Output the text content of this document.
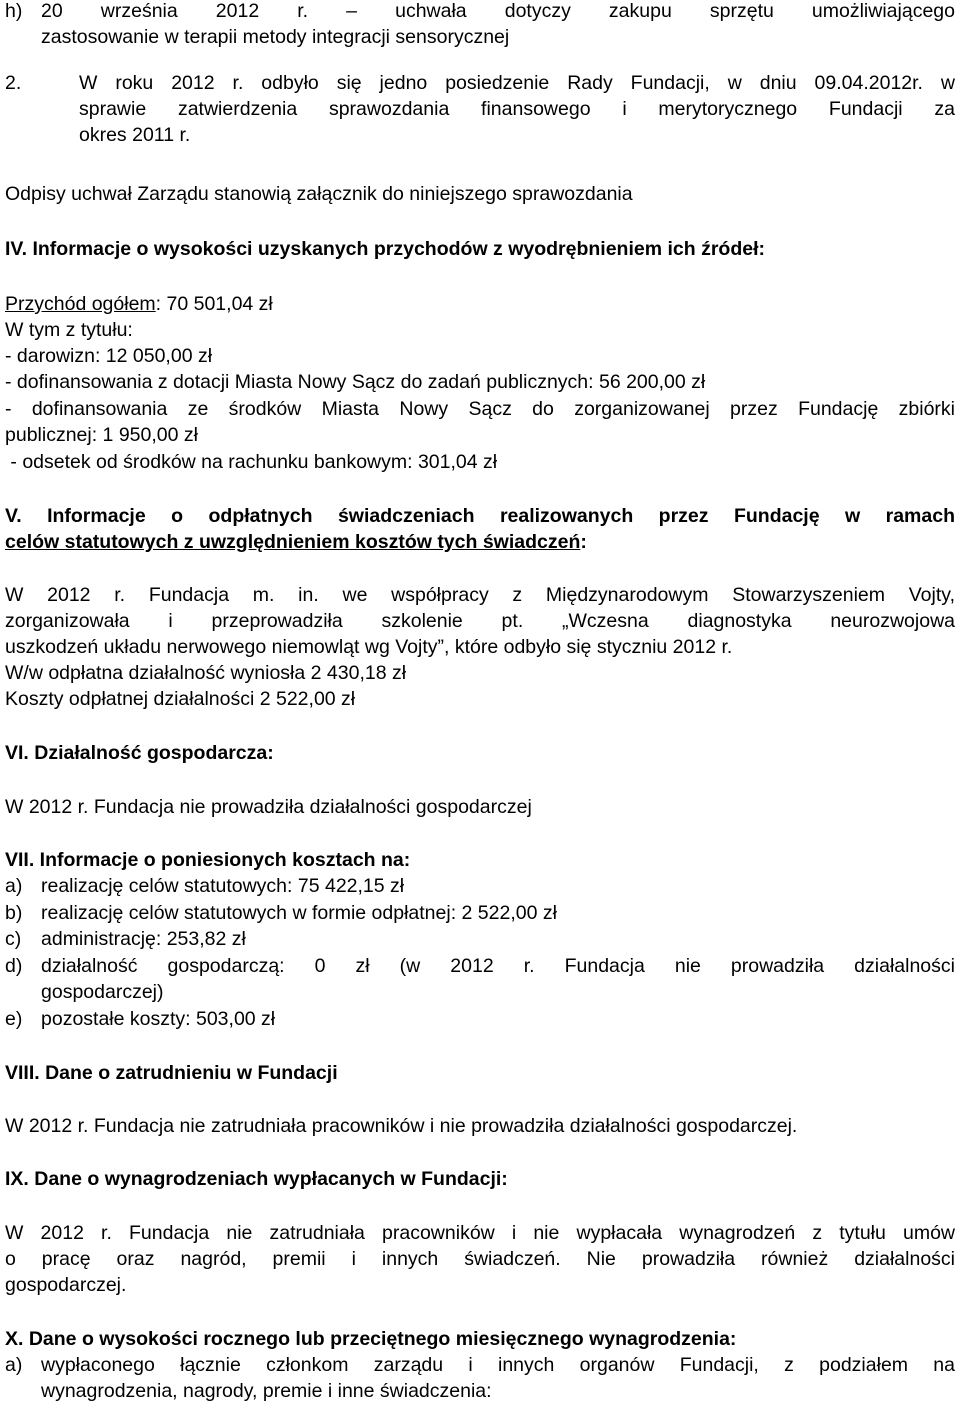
h) 20 września 2012 r. – uchwała dotyczy zakupu sprzętu umożliwiającego

zastosowanie w terapii metody integracji sensorycznej

2.	W roku 2012 r. odbyło się jedno posiedzenie Rady Fundacji, w dniu 09.04.2012r. w

sprawie zatwierdzenia sprawozdania finansowego i merytorycznego Fundacji za

okres 2011 r.

Odpisy uchwał Zarządu stanowią załącznik do niniejszego sprawozdania

IV. Informacje o wysokości uzyskanych przychodów z wyodrębnieniem ich źródeł:

Przychód ogółem: 70 501,04 zł

W tym z tytułu:

- darowizn: 12 050,00 zł

- dofinansowania z dotacji Miasta Nowy Sącz do zadań publicznych: 56 200,00 zł

- dofinansowania ze środków Miasta Nowy Sącz do zorganizowanej przez Fundację zbiórki

publicznej: 1 950,00 zł

- odsetek od środków na rachunku bankowym: 301,04 zł

V. Informacje o odpłatnych świadczeniach realizowanych przez Fundację w ramach

celów statutowych z uwzględnieniem kosztów tych świadczeń:

W 2012 r. Fundacja m. in. we współpracy z Międzynarodowym Stowarzyszeniem Vojty,

zorganizowała i przeprowadziła szkolenie pt. „Wczesna diagnostyka neurozwojowa

uszkodzeń układu nerwowego niemowląt wg Vojty”, które odbyło się styczniu 2012 r.

W/w odpłatna działalność wyniosła 2 430,18 zł

Koszty odpłatnej działalności 2 522,00 zł

VI. Działalność gospodarcza:

W 2012 r. Fundacja nie prowadziła działalności gospodarczej

VII. Informacje o poniesionych kosztach na:

a) realizację celów statutowych: 75 422,15 zł

b) realizację celów statutowych w formie odpłatnej: 2 522,00 zł

c) administrację: 253,82 zł

d) działalność gospodarczą: 0 zł (w 2012 r. Fundacja nie prowadziła działalności

gospodarczej)

e) pozostałe koszty: 503,00 zł

VIII. Dane o zatrudnieniu w Fundacji

W 2012 r. Fundacja nie zatrudniała pracowników i nie prowadziła działalności gospodarczej.

IX. Dane o wynagrodzeniach wypłacanych w Fundacji:

W 2012 r. Fundacja nie zatrudniała pracowników i nie wypłacała wynagrodzeń z tytułu umów

o pracę oraz nagród, premii i innych świadczeń. Nie prowadziła również działalności

gospodarczej.

X. Dane o wysokości rocznego lub przeciętnego miesięcznego wynagrodzenia:

a) wypłaconego łącznie członkom zarządu i innych organów Fundacji, z podziałem na

wynagrodzenia, nagrody, premie i inne świadczenia:
